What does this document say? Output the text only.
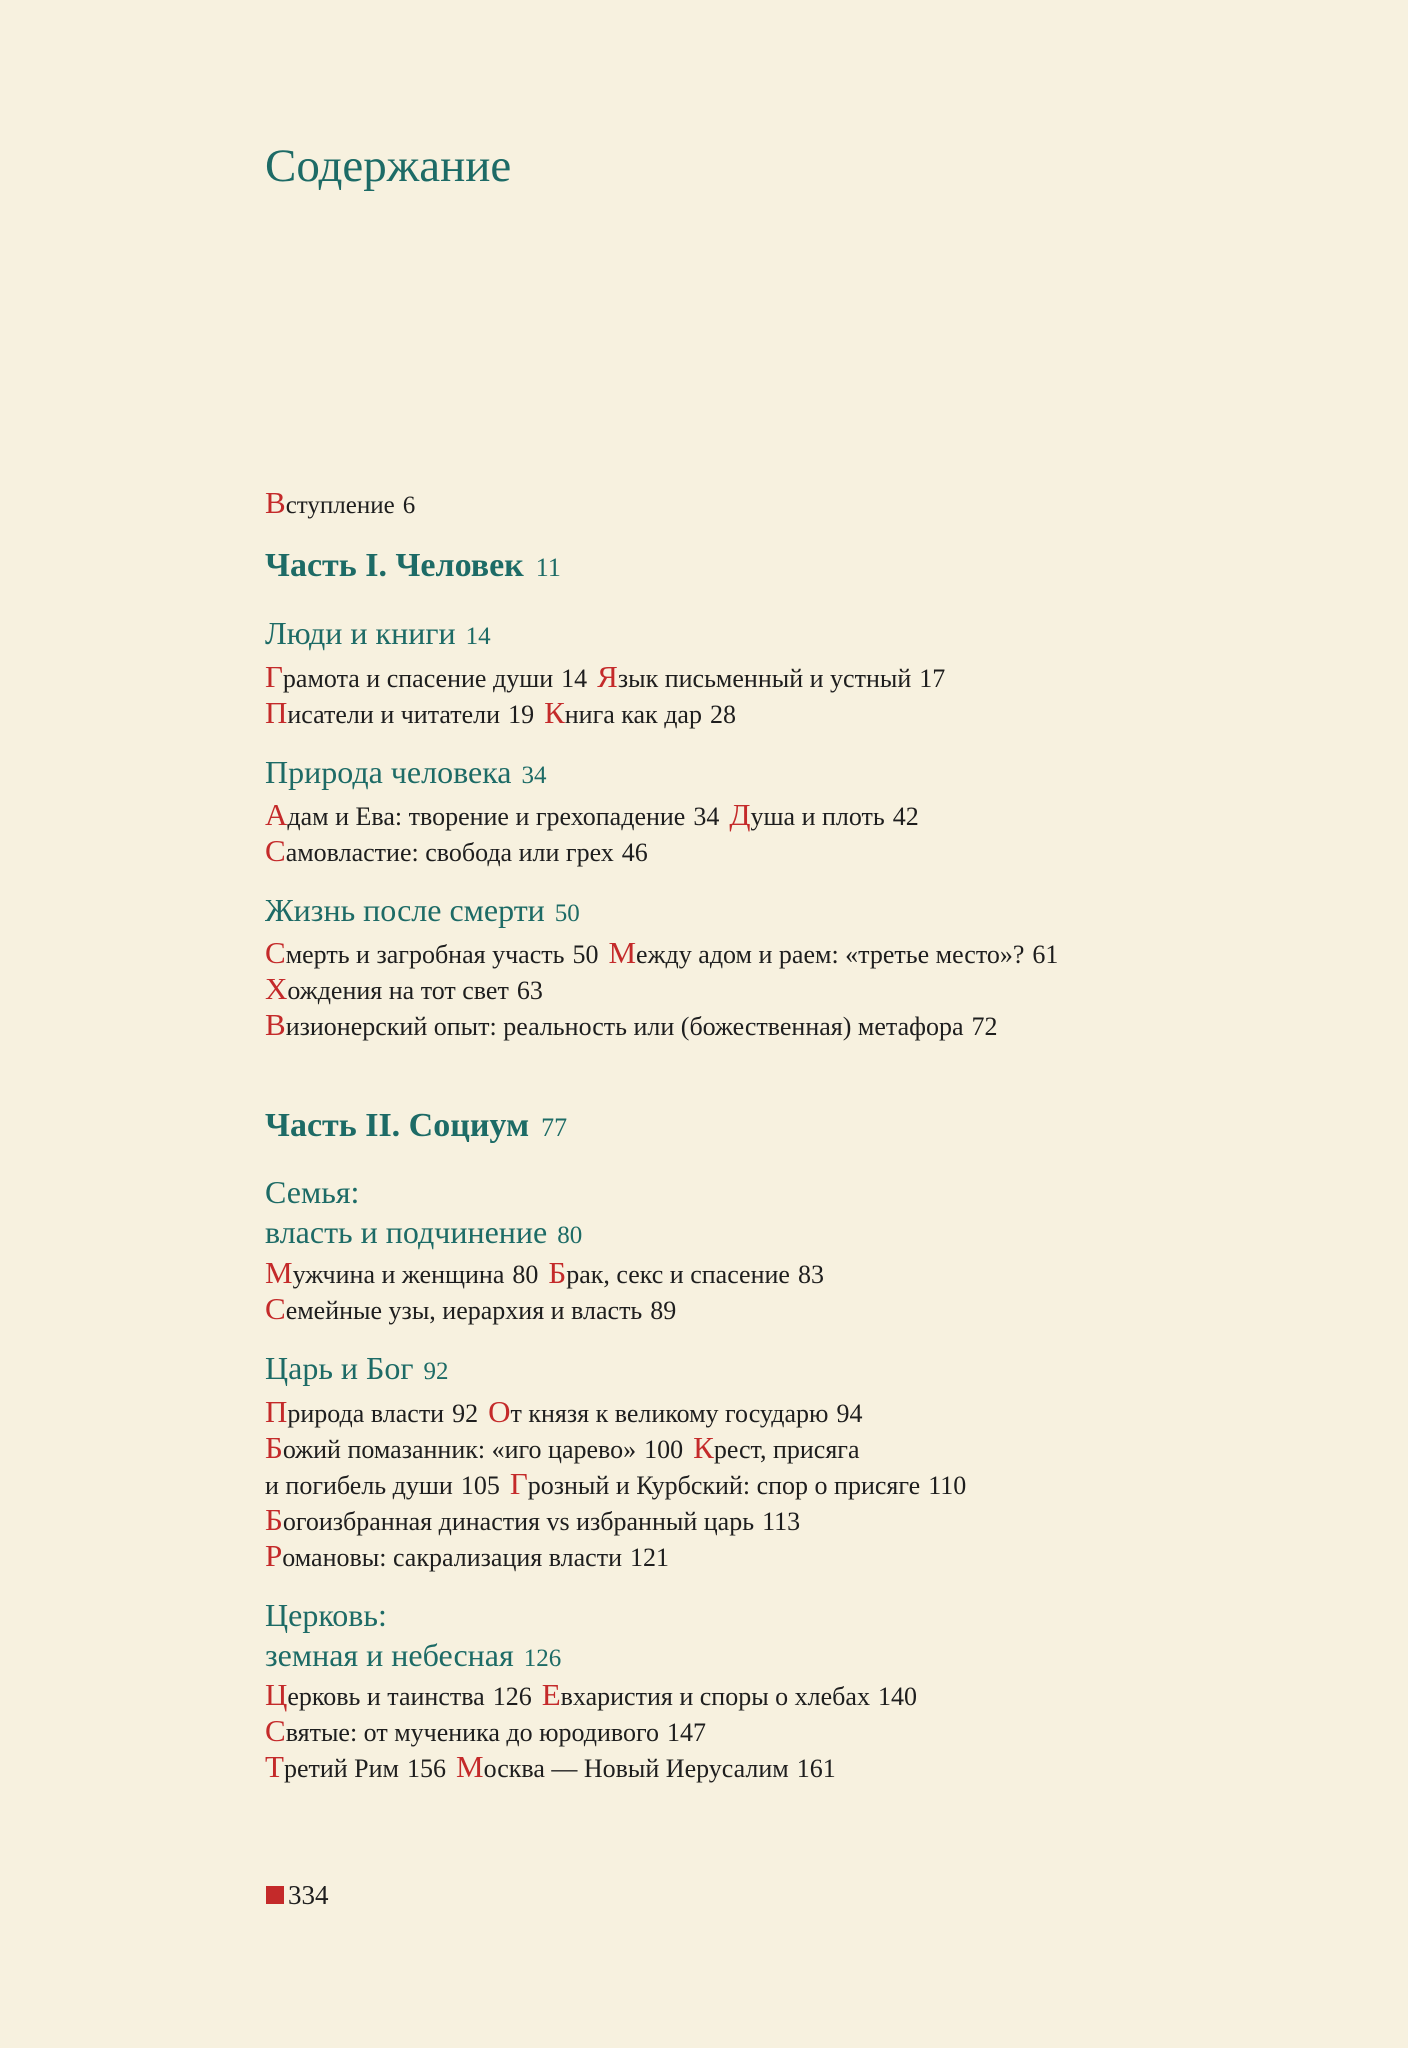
Содержание
Вступление 6
Часть I. Человек 11
Люди и книги 14
Грамота и спасение души 14 Язык письменный и устный 17
Писатели и читатели 19 Книга как дар 28
Природа человека 34
Адам и Ева: творение и грехопадение 34 Душа и плоть 42
Самовластие: свобода или грех 46
Жизнь после смерти 50
Смерть и загробная участь 50 Между адом и раем: «третье место»? 61
Хождения на тот свет 63
Визионерский опыт: реальность или (божественная) метафора 72
Часть II. Социум 77
Семья:
власть и подчинение 80
Мужчина и женщина 80 Брак, секс и спасение 83
Семейные узы, иерархия и власть 89
Царь и Бог 92
Природа власти 92 От князя к великому государю 94
Божий помазанник: «иго царево» 100 Крест, присяга
и погибель души 105 Грозный и Курбский: спор о присяге 110
Богоизбранная династия vs избранный царь 113
Романовы: сакрализация власти 121
Церковь:
земная и небесная 126
Церковь и таинства 126 Евхаристия и споры о хлебах 140
Святые: от мученика до юродивого 147
Третий Рим 156 Москва — Новый Иерусалим 161
334
